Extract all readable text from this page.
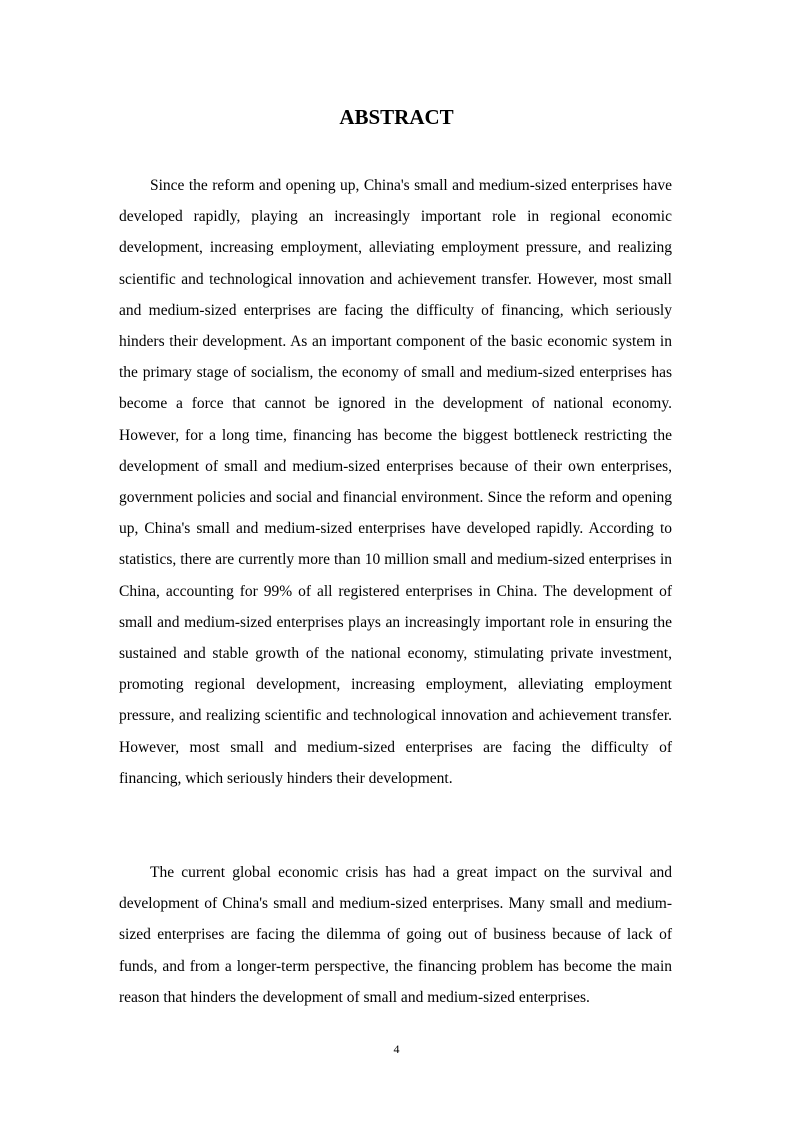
ABSTRACT

Since the reform and opening up, China's small and medium-sized enterprises have developed rapidly, playing an increasingly important role in regional economic development, increasing employment, alleviating employment pressure, and realizing scientific and technological innovation and achievement transfer. However, most small and medium-sized enterprises are facing the difficulty of financing, which seriously hinders their development. As an important component of the basic economic system in the primary stage of socialism, the economy of small and medium-sized enterprises has become a force that cannot be ignored in the development of national economy. However, for a long time, financing has become the biggest bottleneck restricting the development of small and medium-sized enterprises because of their own enterprises, government policies and social and financial environment. Since the reform and opening up, China's small and medium-sized enterprises have developed rapidly. According to statistics, there are currently more than 10 million small and medium-sized enterprises in China, accounting for 99% of all registered enterprises in China. The development of small and medium-sized enterprises plays an increasingly important role in ensuring the sustained and stable growth of the national economy, stimulating private investment, promoting regional development, increasing employment, alleviating employment pressure, and realizing scientific and technological innovation and achievement transfer. However, most small and medium-sized enterprises are facing the difficulty of financing, which seriously hinders their development.

The current global economic crisis has had a great impact on the survival and development of China's small and medium-sized enterprises. Many small and medium-sized enterprises are facing the dilemma of going out of business because of lack of funds, and from a longer-term perspective, the financing problem has become the main reason that hinders the development of small and medium-sized enterprises.

4
